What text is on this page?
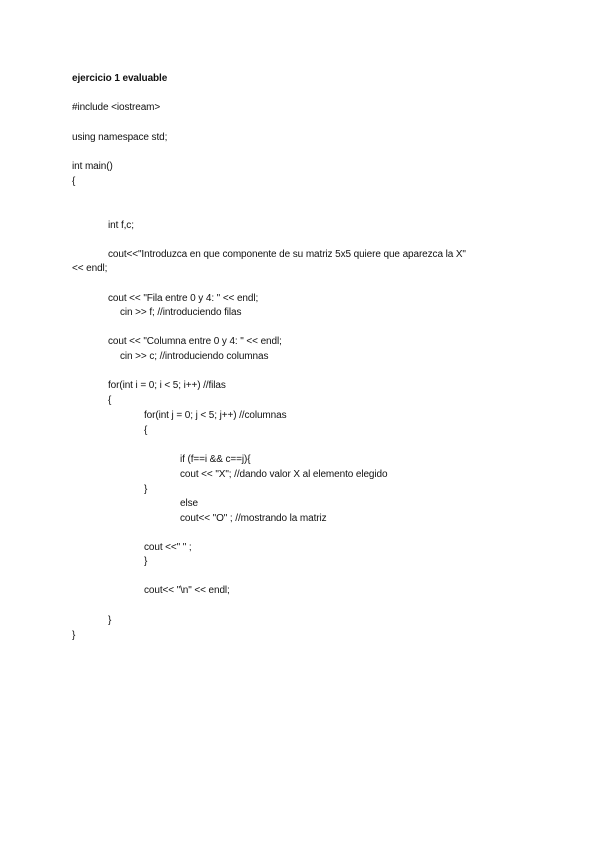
ejercicio 1 evaluable
#include <iostream>
using namespace std;
int main()
{
int f,c;
cout<<"Introduzca en que componente de su matriz 5x5 quiere que aparezca la X"
<< endl;
cout << "Fila entre 0 y 4: " << endl;
cin >> f; //introduciendo filas
cout << "Columna entre 0 y 4: " << endl;
cin >> c; //introduciendo columnas
for(int i = 0; i < 5; i++) //filas
{
for(int j = 0; j < 5; j++) //columnas
{
if (f==i && c==j){
cout << "X"; //dando valor X al elemento elegido
}
else
cout<< "O" ; //mostrando la matriz
cout <<" " ;
}
cout<< "\n" << endl;
}
}
